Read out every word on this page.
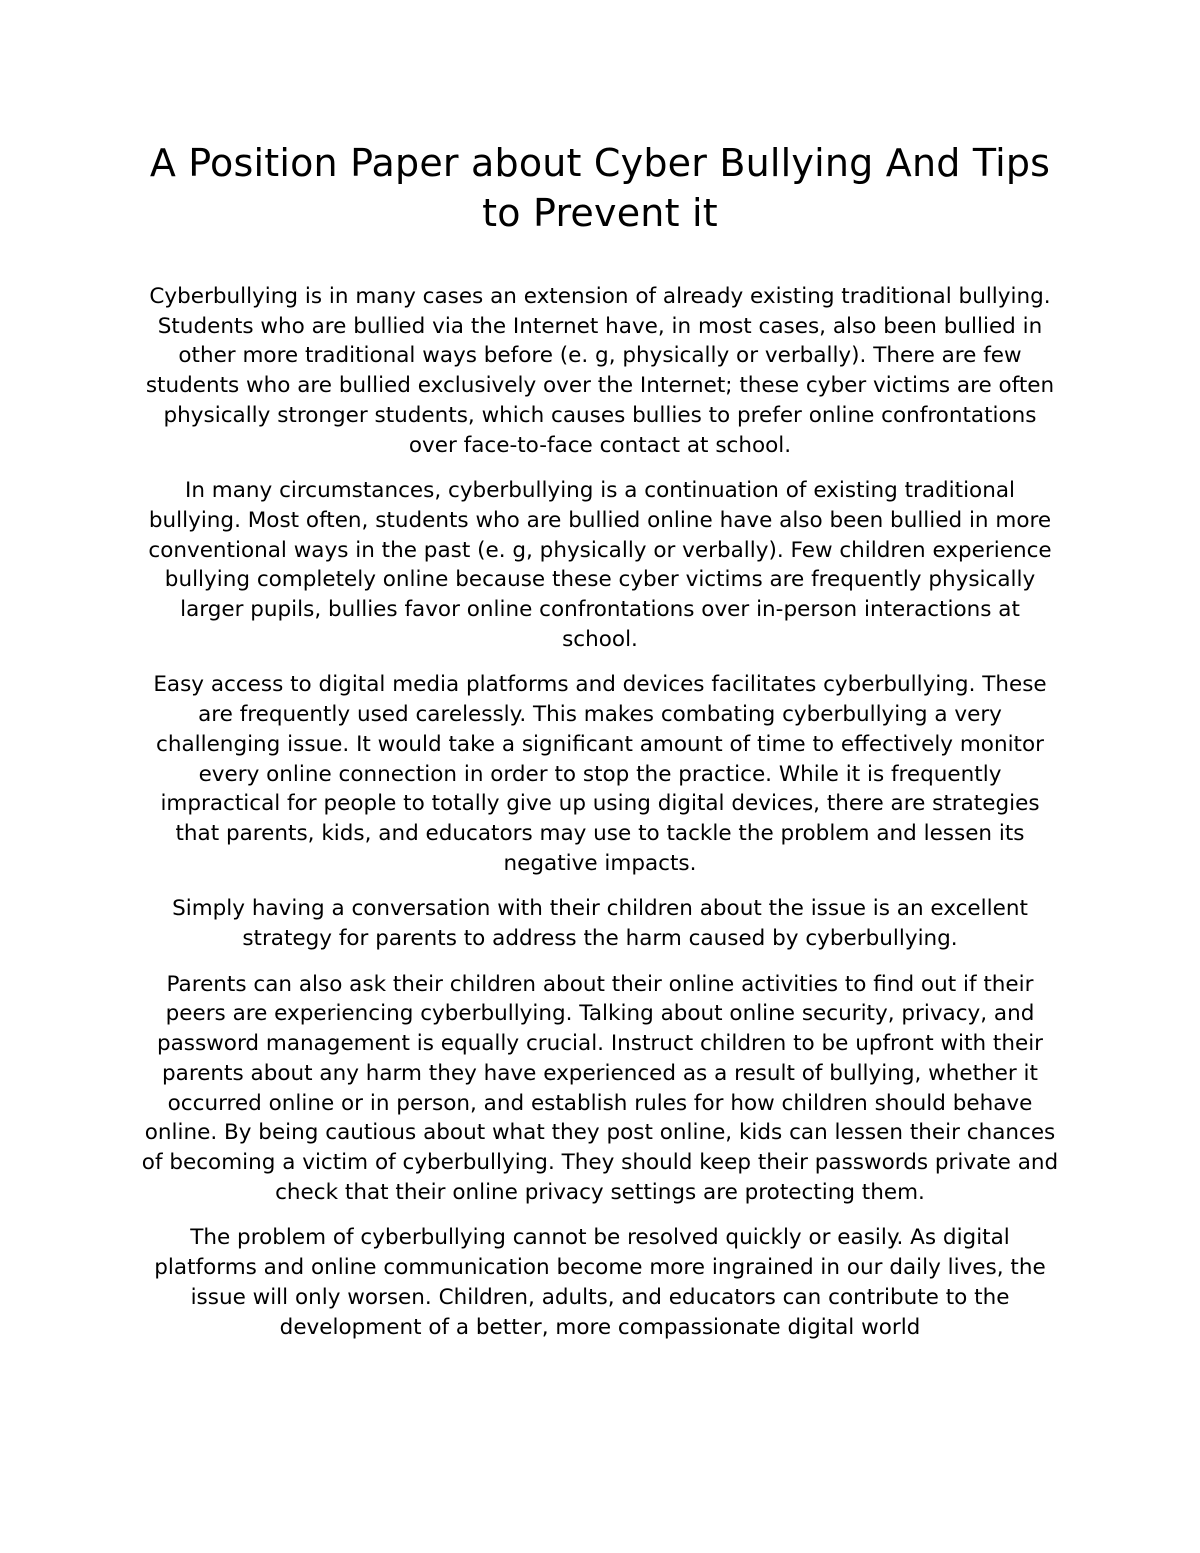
A Position Paper about Cyber Bullying And Tips to Prevent it

Cyberbullying is in many cases an extension of already existing traditional bullying. Students who are bullied via the Internet have, in most cases, also been bullied in other more traditional ways before (e. g, physically or verbally). There are few students who are bullied exclusively over the Internet; these cyber victims are often physically stronger students, which causes bullies to prefer online confrontations over face-to-face contact at school.

In many circumstances, cyberbullying is a continuation of existing traditional bullying. Most often, students who are bullied online have also been bullied in more conventional ways in the past (e. g, physically or verbally). Few children experience bullying completely online because these cyber victims are frequently physically larger pupils, bullies favor online confrontations over in-person interactions at school.

Easy access to digital media platforms and devices facilitates cyberbullying. These are frequently used carelessly. This makes combating cyberbullying a very challenging issue. It would take a significant amount of time to effectively monitor every online connection in order to stop the practice. While it is frequently impractical for people to totally give up using digital devices, there are strategies that parents, kids, and educators may use to tackle the problem and lessen its negative impacts.

Simply having a conversation with their children about the issue is an excellent strategy for parents to address the harm caused by cyberbullying.

Parents can also ask their children about their online activities to find out if their peers are experiencing cyberbullying. Talking about online security, privacy, and password management is equally crucial. Instruct children to be upfront with their parents about any harm they have experienced as a result of bullying, whether it occurred online or in person, and establish rules for how children should behave online. By being cautious about what they post online, kids can lessen their chances of becoming a victim of cyberbullying. They should keep their passwords private and check that their online privacy settings are protecting them.

The problem of cyberbullying cannot be resolved quickly or easily. As digital platforms and online communication become more ingrained in our daily lives, the issue will only worsen. Children, adults, and educators can contribute to the development of a better, more compassionate digital world
